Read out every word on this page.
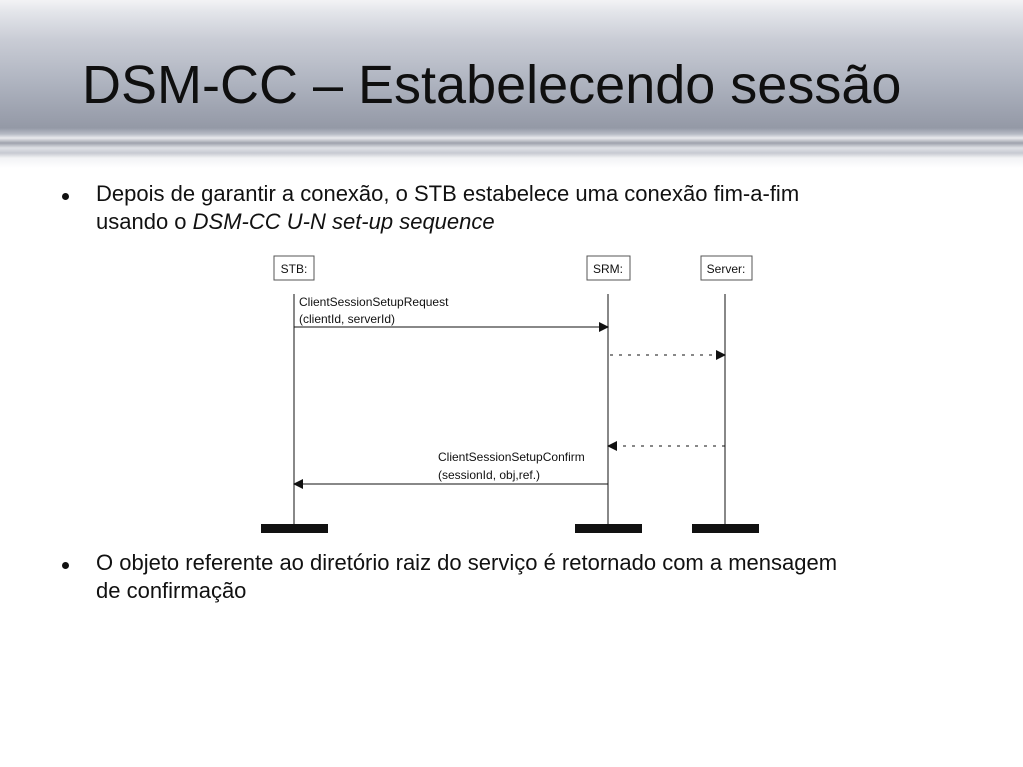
DSM-CC – Estabelecendo sessão
Depois de garantir a conexão, o STB estabelece uma conexão fim-a-fim
usando o DSM-CC U-N set-up sequence
STB:	SRM:	Server:
ClientSessionSetupRequest
(clientId, serverId)
ClientSessionSetupConfirm
(sessionId, obj,ref.)
O objeto referente ao diretório raiz do serviço é retornado com a mensagem
de confirmação
